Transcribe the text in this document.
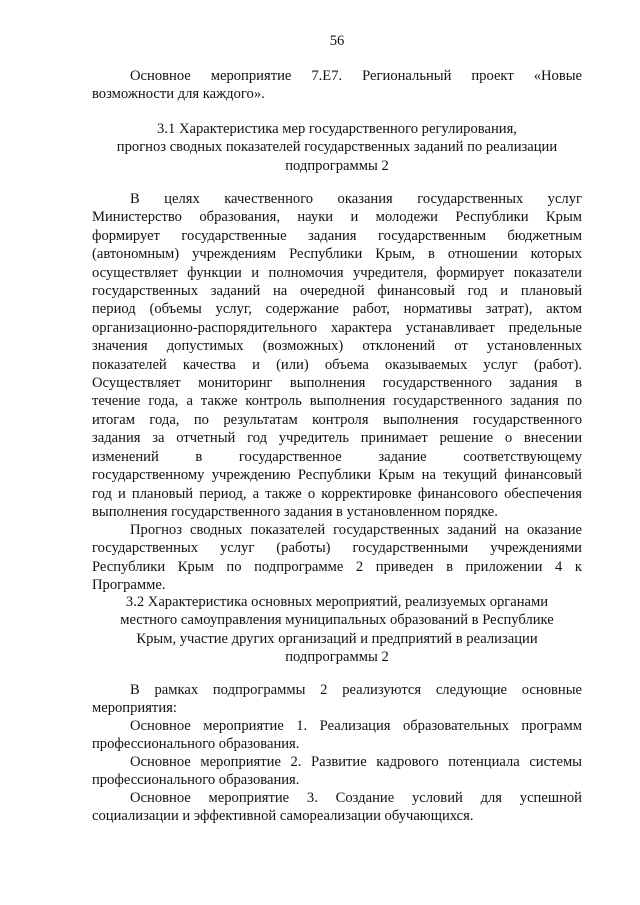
56
Основное мероприятие 7.Е7. Региональный проект «Новые
возможности для каждого».
3.1 Характеристика мер государственного регулирования,
прогноз сводных показателей государственных заданий по реализации
подпрограммы 2
В целях качественного оказания государственных услуг
Министерство образования, науки и молодежи Республики Крым
формирует государственные задания государственным бюджетным
(автономным) учреждениям Республики Крым, в отношении которых
осуществляет функции и полномочия учредителя, формирует показатели
государственных заданий на очередной финансовый год и плановый
период (объемы услуг, содержание работ, нормативы затрат), актом
организационно-распорядительного характера устанавливает предельные
значения допустимых (возможных) отклонений от установленных
показателей качества и (или) объема оказываемых услуг (работ).
Осуществляет мониторинг выполнения государственного задания в
течение года, а также контроль выполнения государственного задания по
итогам года, по результатам контроля выполнения государственного
задания за отчетный год учредитель принимает решение о внесении
изменений в государственное задание соответствующему
государственному учреждению Республики Крым на текущий финансовый
год и плановый период, а также о корректировке финансового обеспечения
выполнения государственного задания в установленном порядке.
Прогноз сводных показателей государственных заданий на оказание
государственных услуг (работы) государственными учреждениями
Республики Крым по подпрограмме 2 приведен в приложении 4 к
Программе.
3.2 Характеристика основных мероприятий, реализуемых органами
местного самоуправления муниципальных образований в Республике
Крым, участие других организаций и предприятий в реализации
подпрограммы 2
В рамках подпрограммы 2 реализуются следующие основные
мероприятия:
Основное мероприятие 1. Реализация образовательных программ
профессионального образования.
Основное мероприятие 2. Развитие кадрового потенциала системы
профессионального образования.
Основное мероприятие 3. Создание условий для успешной
социализации и эффективной самореализации обучающихся.
